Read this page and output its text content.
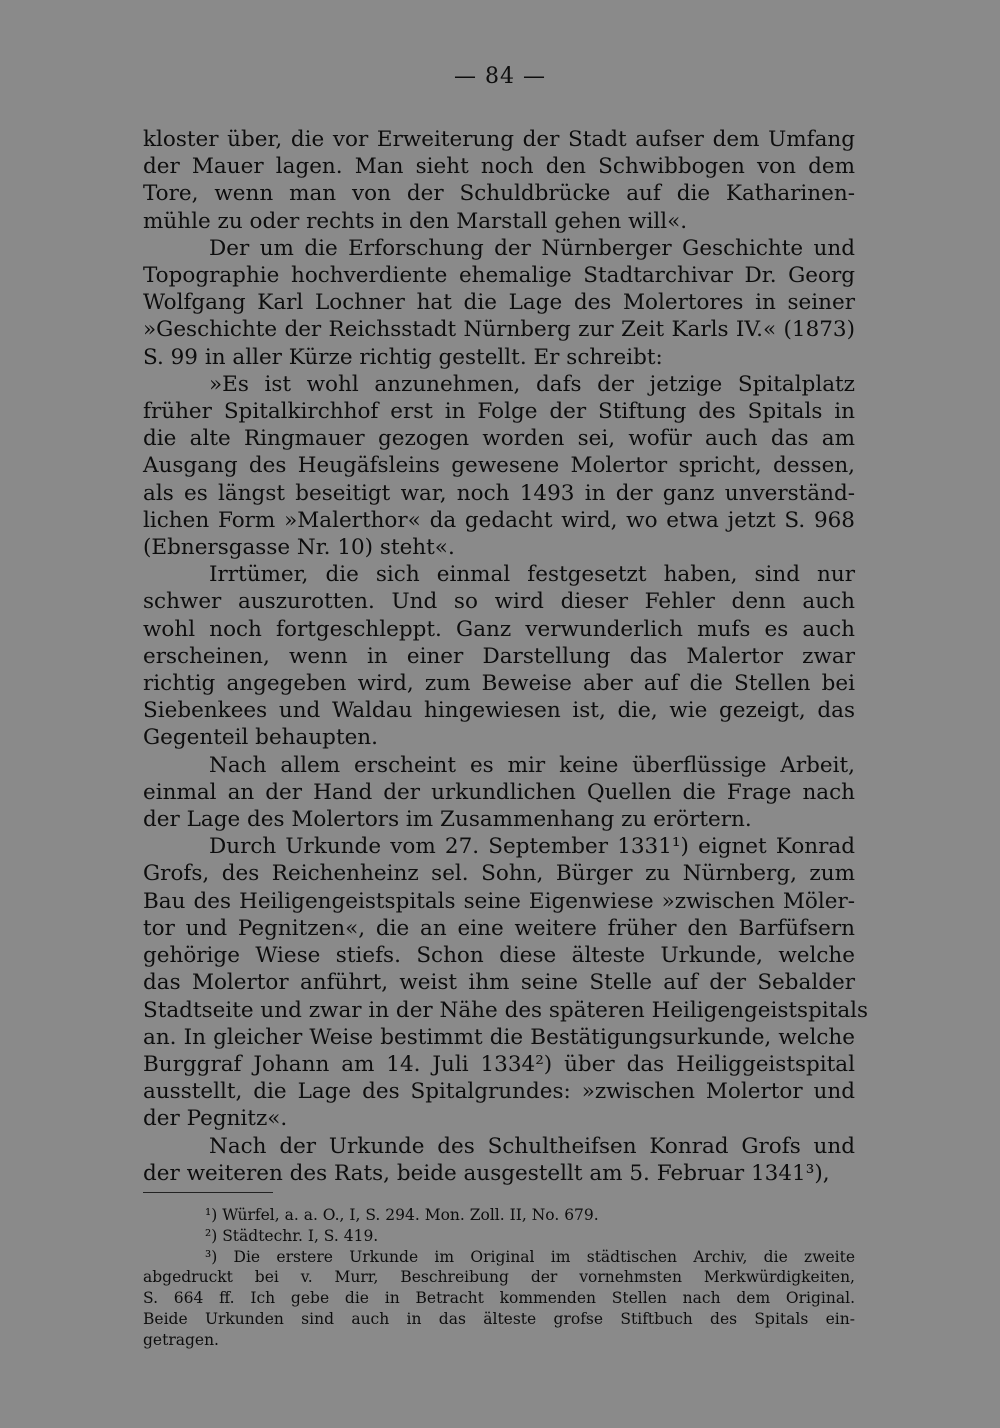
— 84 —
kloster über, die vor Erweiterung der Stadt aufser dem Umfang
der Mauer lagen. Man sieht noch den Schwibbogen von dem
Tore, wenn man von der Schuldbrücke auf die Katharinen-
mühle zu oder rechts in den Marstall gehen will«.
Der um die Erforschung der Nürnberger Geschichte und
Topographie hochverdiente ehemalige Stadtarchivar Dr. Georg
Wolfgang Karl Lochner hat die Lage des Molertores in seiner
»Geschichte der Reichsstadt Nürnberg zur Zeit Karls IV.« (1873)
S. 99 in aller Kürze richtig gestellt. Er schreibt:
»Es ist wohl anzunehmen, dafs der jetzige Spitalplatz
früher Spitalkirchhof erst in Folge der Stiftung des Spitals in
die alte Ringmauer gezogen worden sei, wofür auch das am
Ausgang des Heugäfsleins gewesene Molertor spricht, dessen,
als es längst beseitigt war, noch 1493 in der ganz unverständ-
lichen Form »Malerthor« da gedacht wird, wo etwa jetzt S. 968
(Ebnersgasse Nr. 10) steht«.
Irrtümer, die sich einmal festgesetzt haben, sind nur
schwer auszurotten. Und so wird dieser Fehler denn auch
wohl noch fortgeschleppt. Ganz verwunderlich mufs es auch
erscheinen, wenn in einer Darstellung das Malertor zwar
richtig angegeben wird, zum Beweise aber auf die Stellen bei
Siebenkees und Waldau hingewiesen ist, die, wie gezeigt, das
Gegenteil behaupten.
Nach allem erscheint es mir keine überflüssige Arbeit,
einmal an der Hand der urkundlichen Quellen die Frage nach
der Lage des Molertors im Zusammenhang zu erörtern.
Durch Urkunde vom 27. September 1331¹) eignet Konrad
Grofs, des Reichenheinz sel. Sohn, Bürger zu Nürnberg, zum
Bau des Heiligengeistspitals seine Eigenwiese »zwischen Möler-
tor und Pegnitzen«, die an eine weitere früher den Barfüfsern
gehörige Wiese stiefs. Schon diese älteste Urkunde, welche
das Molertor anführt, weist ihm seine Stelle auf der Sebalder
Stadtseite und zwar in der Nähe des späteren Heiligengeistspitals
an. In gleicher Weise bestimmt die Bestätigungsurkunde, welche
Burggraf Johann am 14. Juli 1334²) über das Heiliggeistspital
ausstellt, die Lage des Spitalgrundes: »zwischen Molertor und
der Pegnitz«.
Nach der Urkunde des Schultheifsen Konrad Grofs und
der weiteren des Rats, beide ausgestellt am 5. Februar 1341³),
¹) Würfel, a. a. O., I, S. 294. Mon. Zoll. II, No. 679.
²) Städtechr. I, S. 419.
³) Die erstere Urkunde im Original im städtischen Archiv, die zweite
abgedruckt bei v. Murr, Beschreibung der vornehmsten Merkwürdigkeiten,
S. 664 ff. Ich gebe die in Betracht kommenden Stellen nach dem Original.
Beide Urkunden sind auch in das älteste grofse Stiftbuch des Spitals ein-
getragen.
